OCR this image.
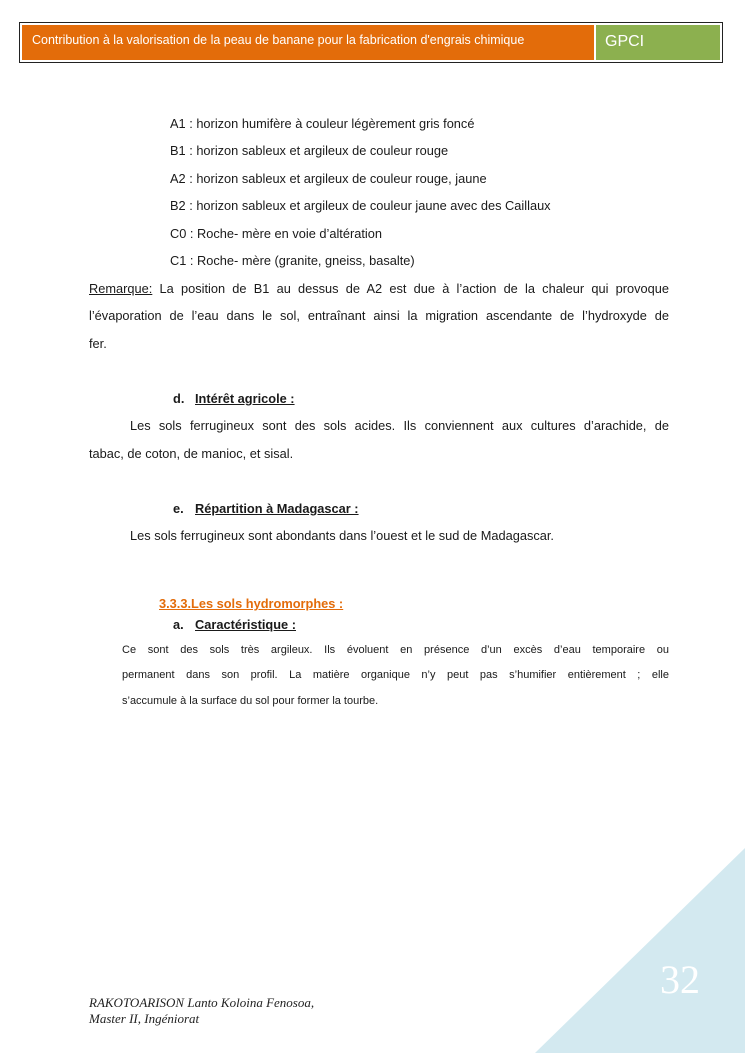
Contribution à la valorisation de la peau de banane pour la fabrication d'engrais chimique	GPCI
A1 : horizon humifère à couleur légèrement gris foncé
B1 : horizon sableux et argileux de couleur rouge
A2 : horizon sableux et argileux de couleur rouge, jaune
B2 : horizon sableux et argileux de couleur jaune avec des Caillaux
C0 : Roche- mère en voie d’altération
C1 : Roche- mère (granite, gneiss, basalte)
Remarque: La position de B1 au dessus de A2 est due à l’action de la chaleur qui provoque
l’évaporation de l’eau dans le sol, entraînant ainsi la migration ascendante de l’hydroxyde de
fer.
d. Intérêt agricole :
Les sols ferrugineux sont des sols acides. Ils conviennent aux cultures d’arachide, de
tabac, de coton, de manioc, et sisal.
e. Répartition à Madagascar :
Les sols ferrugineux sont abondants dans l’ouest et le sud de Madagascar.
3.3.3.Les sols hydromorphes :
a. Caractéristique :
Ce sont des sols très argileux. Ils évoluent en présence d’un excès d’eau temporaire ou
permanent dans son profil. La matière organique n’y peut pas s’humifier entièrement ; elle
s’accumule à la surface du sol pour former la tourbe.
32
RAKOTOARISON Lanto Koloina Fenosoa,
Master II, Ingéniorat
